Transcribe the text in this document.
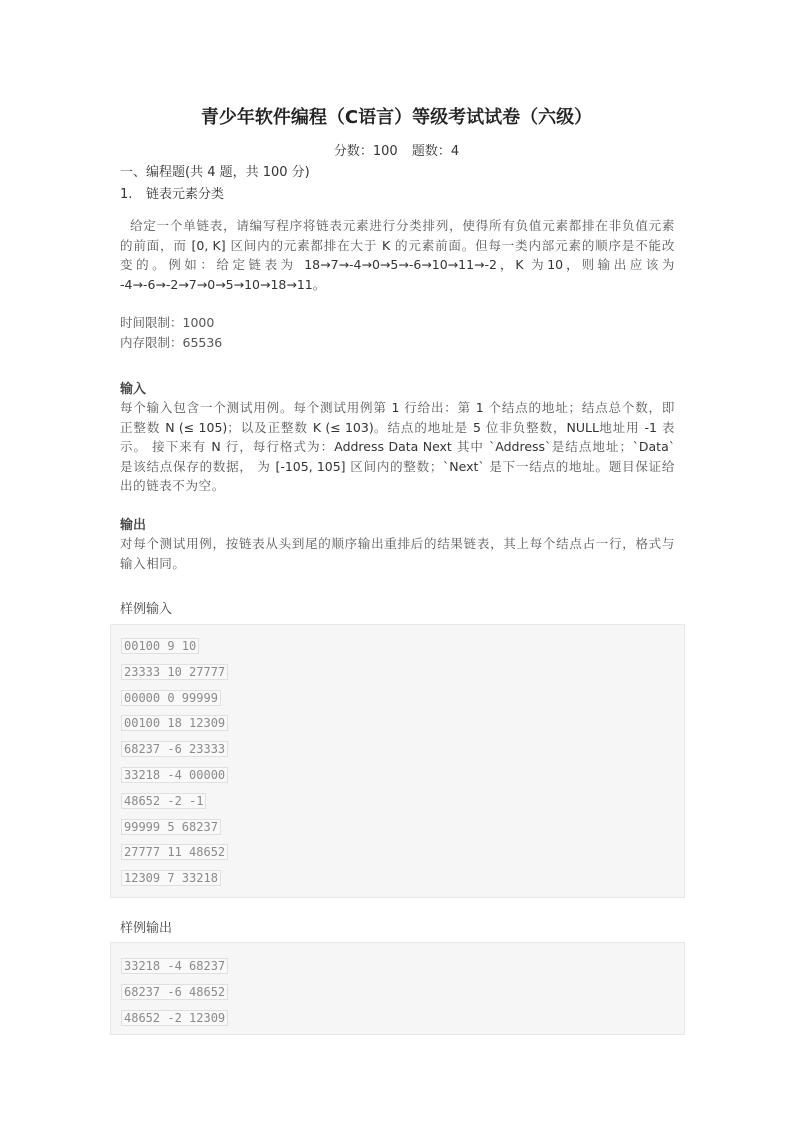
青少年软件编程（C语言）等级考试试卷（六级）
分数：100 题数：4
一、编程题(共 4 题，共 100 分)
1. 链表元素分类
给定一个单链表，请编写程序将链表元素进行分类排列，使得所有负值元素都排在非负值元素的前面，而 [0, K] 区间内的元素都排在大于 K 的元素前面。但每一类内部元素的顺序是不能改变的。例如：给定链表为 18→7→-4→0→5→-6→10→11→-2，K 为10，则输出应该为 -4→-6→-2→7→0→5→10→18→11。
时间限制：1000
内存限制：65536
输入
每个输入包含一个测试用例。每个测试用例第 1 行给出：第 1 个结点的地址；结点总个数，即正整数 N (≤ 105)；以及正整数 K (≤ 103)。结点的地址是 5 位非负整数，NULL地址用 -1 表示。 接下来有 N 行，每行格式为：Address Data Next 其中 `Address`是结点地址；`Data` 是该结点保存的数据， 为 [-105, 105] 区间内的整数；`Next` 是下一结点的地址。题目保证给出的链表不为空。
输出
对每个测试用例，按链表从头到尾的顺序输出重排后的结果链表，其上每个结点占一行，格式与输入相同。
样例输入
00100 9 10
23333 10 27777
00000 0 99999
00100 18 12309
68237 -6 23333
33218 -4 00000
48652 -2 -1
99999 5 68237
27777 11 48652
12309 7 33218
样例输出
33218 -4 68237
68237 -6 48652
48652 -2 12309
